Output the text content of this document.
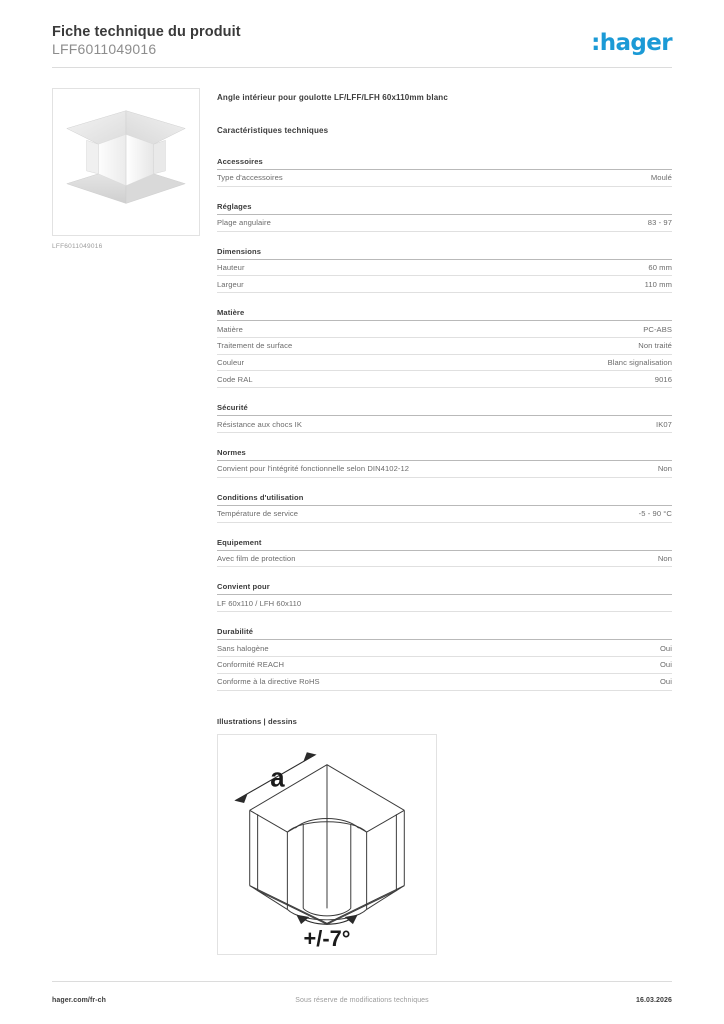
Fiche technique du produit
LFF6011049016	:hager
LFF6011049016
Angle intérieur pour goulotte LF/LFF/LFH 60x110mm blanc
Caractéristiques techniques
Accessoires
Type d'accessoires	Moulé
Réglages
Plage angulaire	83 - 97
Dimensions
Hauteur	60 mm
Largeur	110 mm
Matière
Matière	PC-ABS
Traitement de surface	Non traité
Couleur	Blanc signalisation
Code RAL	9016
Sécurité
Résistance aux chocs IK	IK07
Normes
Convient pour l'intégrité fonctionnelle selon DIN4102-12	Non
Conditions d'utilisation
Température de service	-5 - 90 °C
Equipement
Avec film de protection	Non
Convient pour
LF 60x110 / LFH 60x110
Durabilité
Sans halogène	Oui
Conformité REACH	Oui
Conforme à la directive RoHS	Oui
Illustrations | dessins
a
+/-7°
hager.com/fr-ch	Sous réserve de modifications techniques	16.03.2026
